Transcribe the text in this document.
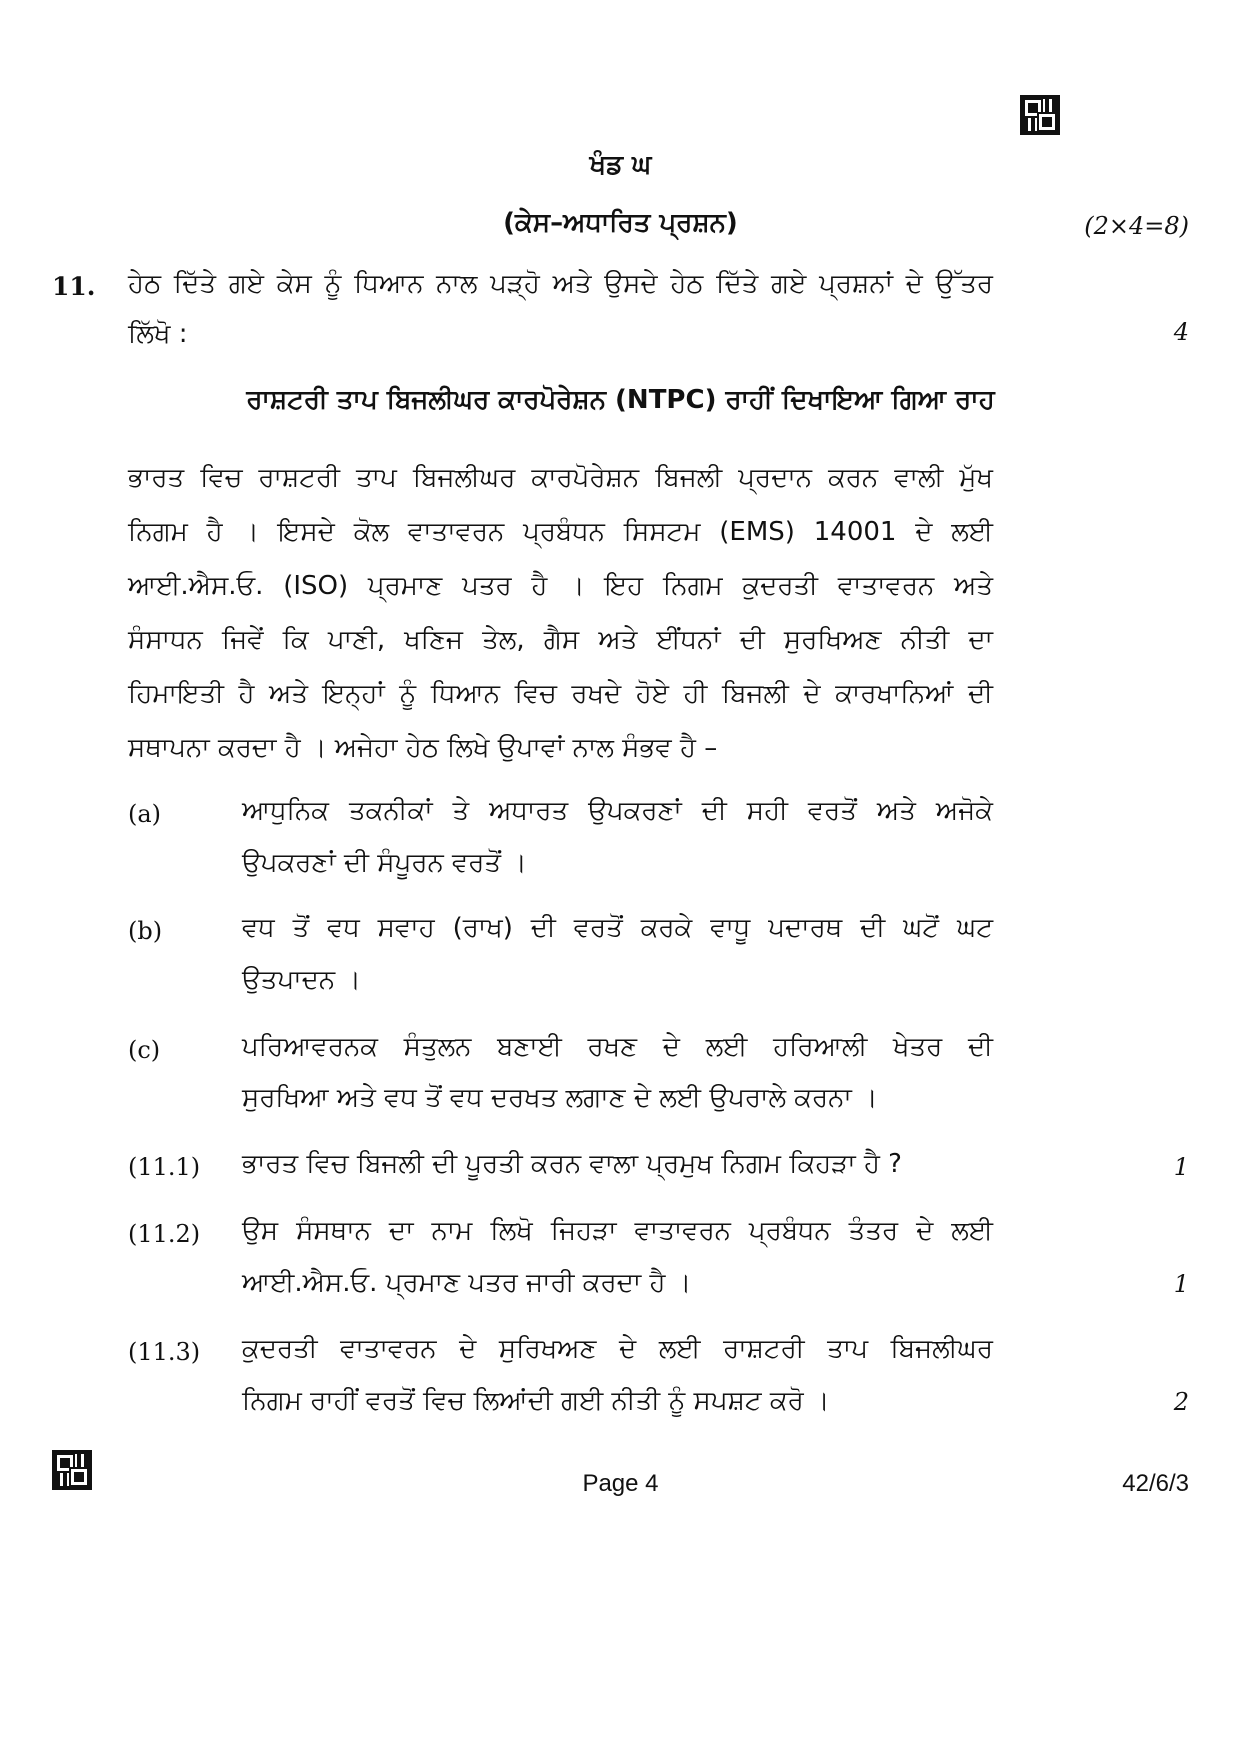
ਖੰਡ ਘ
(ਕੇਸ–ਅਧਾਰਿਤ ਪ੍ਰਸ਼ਨ)	(2×4=8)
11. ਹੇਠ ਦਿੱਤੇ ਗਏ ਕੇਸ ਨੂੰ ਧਿਆਨ ਨਾਲ ਪੜ੍ਹੋ ਅਤੇ ਉਸਦੇ ਹੇਠ ਦਿੱਤੇ ਗਏ ਪ੍ਰਸ਼ਨਾਂ ਦੇ ਉੱਤਰ
ਲਿੱਖੋ :	4
ਰਾਸ਼ਟਰੀ ਤਾਪ ਬਿਜਲੀਘਰ ਕਾਰਪੋਰੇਸ਼ਨ (NTPC) ਰਾਹੀਂ ਦਿਖਾਇਆ ਗਿਆ ਰਾਹ
ਭਾਰਤ ਵਿਚ ਰਾਸ਼ਟਰੀ ਤਾਪ ਬਿਜਲੀਘਰ ਕਾਰਪੋਰੇਸ਼ਨ ਬਿਜਲੀ ਪ੍ਰਦਾਨ ਕਰਨ ਵਾਲੀ ਮੁੱਖ
ਨਿਗਮ ਹੈ । ਇਸਦੇ ਕੋਲ ਵਾਤਾਵਰਨ ਪ੍ਰਬੰਧਨ ਸਿਸਟਮ (EMS) 14001 ਦੇ ਲਈ
ਆਈ.ਐਸ.ਓ. (ISO) ਪ੍ਰਮਾਣ ਪਤਰ ਹੈ । ਇਹ ਨਿਗਮ ਕੁਦਰਤੀ ਵਾਤਾਵਰਨ ਅਤੇ
ਸੰਸਾਧਨ ਜਿਵੇਂ ਕਿ ਪਾਣੀ, ਖਣਿਜ ਤੇਲ, ਗੈਸ ਅਤੇ ਈਂਧਨਾਂ ਦੀ ਸੁਰਖਿਅਣ ਨੀਤੀ ਦਾ
ਹਿਮਾਇਤੀ ਹੈ ਅਤੇ ਇਨ੍ਹਾਂ ਨੂੰ ਧਿਆਨ ਵਿਚ ਰਖਦੇ ਹੋਏ ਹੀ ਬਿਜਲੀ ਦੇ ਕਾਰਖਾਨਿਆਂ ਦੀ
ਸਥਾਪਨਾ ਕਰਦਾ ਹੈ । ਅਜੇਹਾ ਹੇਠ ਲਿਖੇ ਉਪਾਵਾਂ ਨਾਲ ਸੰਭਵ ਹੈ –
(a)	ਆਧੁਨਿਕ ਤਕਨੀਕਾਂ ਤੇ ਅਧਾਰਤ ਉਪਕਰਣਾਂ ਦੀ ਸਹੀ ਵਰਤੋਂ ਅਤੇ ਅਜੋਕੇ
ਉਪਕਰਣਾਂ ਦੀ ਸੰਪੂਰਨ ਵਰਤੋਂ ।
(b)	ਵਧ ਤੋਂ ਵਧ ਸਵਾਹ (ਰਾਖ) ਦੀ ਵਰਤੋਂ ਕਰਕੇ ਵਾਧੂ ਪਦਾਰਥ ਦੀ ਘਟੋਂ ਘਟ
ਉਤਪਾਦਨ ।
(c)	ਪਰਿਆਵਰਨਕ ਸੰਤੁਲਨ ਬਣਾਈ ਰਖਣ ਦੇ ਲਈ ਹਰਿਆਲੀ ਖੇਤਰ ਦੀ
ਸੁਰਖਿਆ ਅਤੇ ਵਧ ਤੋਂ ਵਧ ਦਰਖਤ ਲਗਾਣ ਦੇ ਲਈ ਉਪਰਾਲੇ ਕਰਨਾ ।
(11.1) ਭਾਰਤ ਵਿਚ ਬਿਜਲੀ ਦੀ ਪੂਰਤੀ ਕਰਨ ਵਾਲਾ ਪ੍ਰਮੁਖ ਨਿਗਮ ਕਿਹੜਾ ਹੈ ?	1
(11.2) ਉਸ ਸੰਸਥਾਨ ਦਾ ਨਾਮ ਲਿਖੋ ਜਿਹੜਾ ਵਾਤਾਵਰਨ ਪ੍ਰਬੰਧਨ ਤੰਤਰ ਦੇ ਲਈ
ਆਈ.ਐਸ.ਓ. ਪ੍ਰਮਾਣ ਪਤਰ ਜਾਰੀ ਕਰਦਾ ਹੈ ।	1
(11.3) ਕੁਦਰਤੀ ਵਾਤਾਵਰਨ ਦੇ ਸੁਰਿਖਅਣ ਦੇ ਲਈ ਰਾਸ਼ਟਰੀ ਤਾਪ ਬਿਜਲੀਘਰ
ਨਿਗਮ ਰਾਹੀਂ ਵਰਤੋਂ ਵਿਚ ਲਿਆਂਦੀ ਗਈ ਨੀਤੀ ਨੂੰ ਸਪਸ਼ਟ ਕਰੋ ।	2
Page 4	42/6/3
